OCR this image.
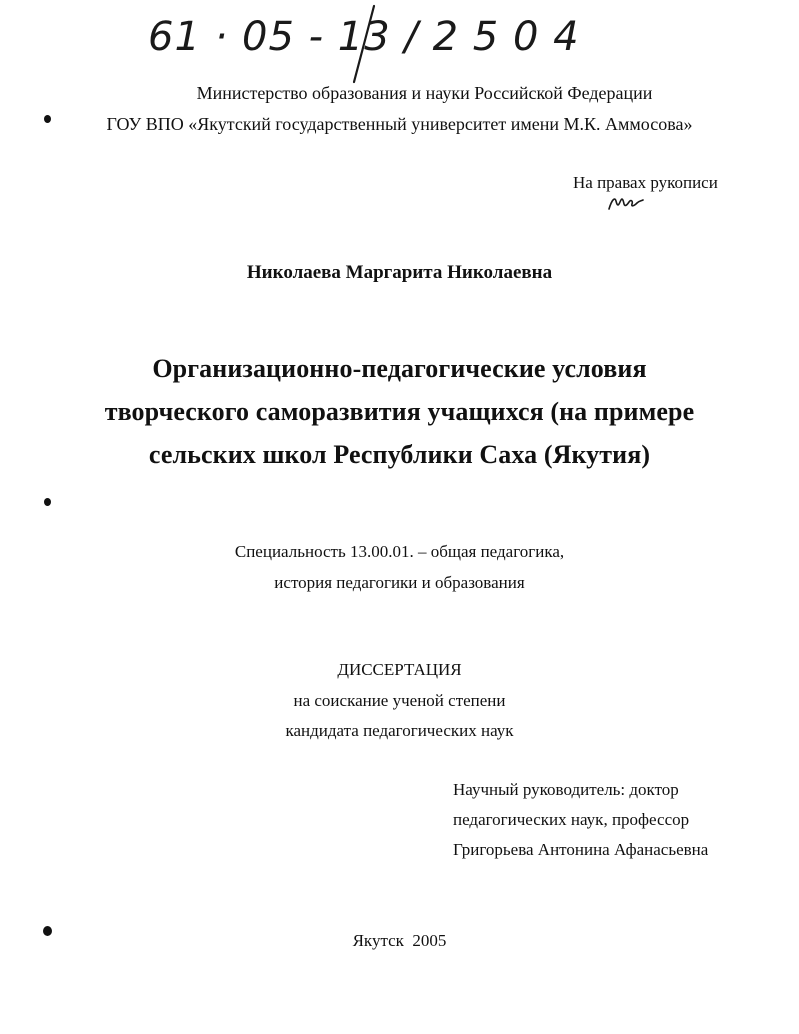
61 · 05 - 13 / 2 5 0 4
Министерство образования и науки Российской Федерации
ГОУ ВПО «Якутский государственный университет имени М.К. Аммосова»
На правах рукописи
Николаева Маргарита Николаевна
Организационно-педагогические условия
творческого саморазвития учащихся (на примере
сельских школ Республики Саха (Якутия)
Специальность 13.00.01. – общая педагогика,
история педагогики и образования
ДИССЕРТАЦИЯ
на соискание ученой степени
кандидата педагогических наук
Научный руководитель: доктор
педагогических наук, профессор
Григорьева Антонина Афанасьевна
Якутск  2005
